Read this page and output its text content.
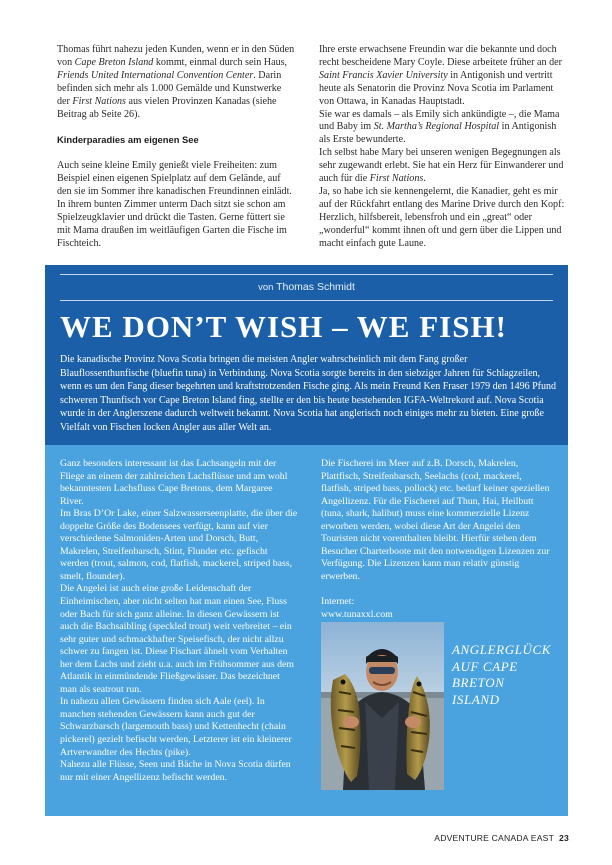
Thomas führt nahezu jeden Kunden, wenn er in den Süden von Cape Breton Island kommt, einmal durch sein Haus, Friends United International Convention Center. Darin befinden sich mehr als 1.000 Gemälde und Kunstwerke der First Nations aus vielen Provinzen Kanadas (siehe Beitrag ab Seite 26).

Kinderparadies am eigenen See

Auch seine kleine Emily genießt viele Freiheiten: zum Beispiel einen eigenen Spielplatz auf dem Gelände, auf den sie im Sommer ihre kanadischen Freundinnen einlädt. In ihrem bunten Zimmer unterm Dach sitzt sie schon am Spielzeugklavier und drückt die Tasten. Gerne füttert sie mit Mama draußen im weitläufigen Garten die Fische im Fischteich.

Ihre erste erwachsene Freundin war die bekannte und doch recht bescheidene Mary Coyle. Diese arbeitete früher an der Saint Francis Xavier University in Antigonish und vertritt heute als Senatorin die Provinz Nova Scotia im Parlament von Ottawa, in Kanadas Hauptstadt.

Sie war es damals – als Emily sich ankündigte –, die Mama und Baby im St. Martha’s Regional Hospital in Antigonish als Erste bewunderte.

Ich selbst habe Mary bei unseren wenigen Begegnungen als sehr zugewandt erlebt. Sie hat ein Herz für Einwanderer und auch für die First Nations.

Ja, so habe ich sie kennengelernt, die Kanadier, geht es mir auf der Rückfahrt entlang des Marine Drive durch den Kopf: Herzlich, hilfsbereit, lebensfroh und ein „great“ oder „wonderful“ kommt ihnen oft und gern über die Lippen und macht einfach gute Laune.

von Thomas Schmidt
WE DON’T WISH – WE FISH!

Die kanadische Provinz Nova Scotia bringen die meisten Angler wahrscheinlich mit dem Fang großer Blauflossenthunfische (bluefin tuna) in Verbindung. Nova Scotia sorgte bereits in den siebziger Jahren für Schlagzeilen, wenn es um den Fang dieser begehrten und kraftstrotzenden Fische ging. Als mein Freund Ken Fraser 1979 den 1496 Pfund schweren Thunfisch vor Cape Breton Island fing, stellte er den bis heute bestehenden IGFA-Weltrekord auf. Nova Scotia wurde in der Anglerszene dadurch weltweit bekannt. Nova Scotia hat anglerisch noch einiges mehr zu bieten. Eine große Vielfalt von Fischen locken Angler aus aller Welt an.

Ganz besonders interessant ist das Lachsangeln mit der Fliege an einem der zahlreichen Lachsflüsse und am wohl bekanntesten Lachsfluss Cape Bretons, dem Margaree River.

Im Bras D’Or Lake, einer Salzwasserseenplatte, die über die doppelte Größe des Bodensees verfügt, kann auf vier verschiedene Salmoniden-Arten und Dorsch, Butt, Makrelen, Streifenbarsch, Stint, Flunder etc. gefischt werden (trout, salmon, cod, flatfish, mackerel, striped bass, smelt, flounder).

Die Angelei ist auch eine große Leidenschaft der Einheimischen, aber nicht selten hat man einen See, Fluss oder Bach für sich ganz alleine. In diesen Gewässern ist auch die Bachsaibling (speckled trout) weit verbreitet – ein sehr guter und schmackhafter Speisefisch, der nicht allzu schwer zu fangen ist. Diese Fischart ähnelt vom Verhalten her dem Lachs und zieht u.a. auch im Frühsommer aus dem Atlantik in einmündende Fließgewässer. Das bezeichnet man als seatrout run.

In nahezu allen Gewässern finden sich Aale (eel). In manchen stehenden Gewässern kann auch gut der Schwarzbarsch (largemouth bass) und Kettenhecht (chain pickerel) gezielt befischt werden, Letzterer ist ein kleinerer Artverwandter des Hechts (pike).

Nahezu alle Flüsse, Seen und Bäche in Nova Scotia dürfen nur mit einer Angellizenz befischt werden.

Die Fischerei im Meer auf z.B. Dorsch, Makrelen, Plattfisch, Streifenbarsch, Seelachs (cod, mackerel, flatfish, striped bass, pollock) etc. bedarf keiner speziellen Angellizenz. Für die Fischerei auf Thun, Hai, Heilbutt (tuna, shark, halibut) muss eine kommerzielle Lizenz erworben werden, wobei diese Art der Angelei den Touristen nicht vorenthalten bleibt. Hierfür stehen dem Besucher Charterboote mit den notwendigen Lizenzen zur Verfügung. Die Lizenzen kann man relativ günstig erwerben.

Internet:

www.tunaxxl.com

ANGLERGLÜCK
AUF CAPE
BRETON
ISLAND
ADVENTURE CANADA EAST 23
